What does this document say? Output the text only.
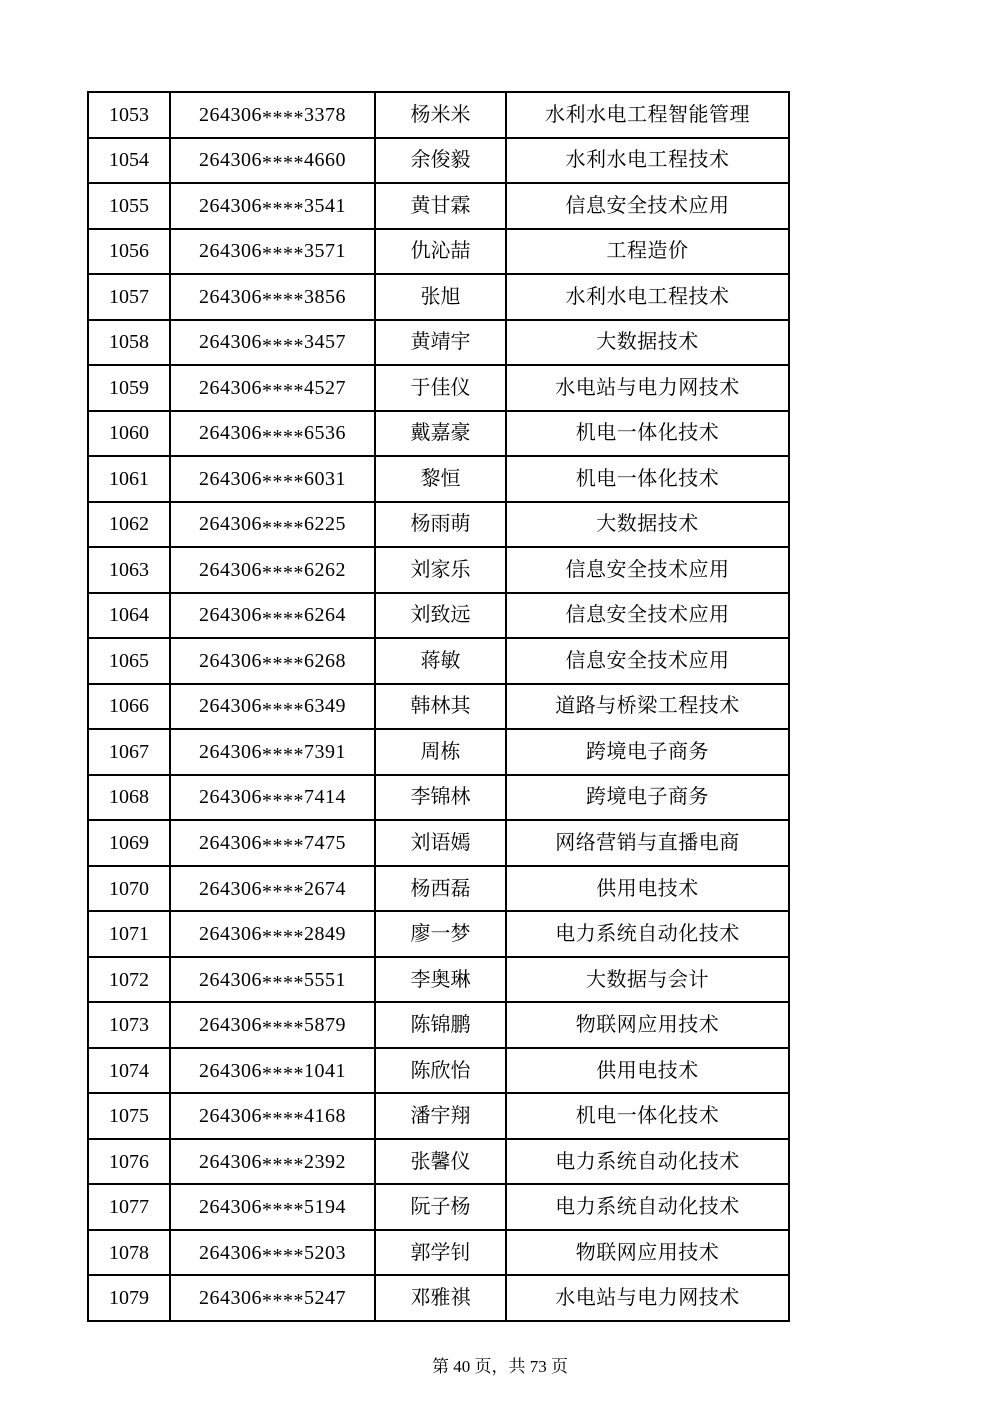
1053	264306****3378	杨米米	水利水电工程智能管理
1054	264306****4660	余俊毅	水利水电工程技术
1055	264306****3541	黄甘霖	信息安全技术应用
1056	264306****3571	仇沁喆	工程造价
1057	264306****3856	张旭	水利水电工程技术
1058	264306****3457	黄靖宇	大数据技术
1059	264306****4527	于佳仪	水电站与电力网技术
1060	264306****6536	戴嘉豪	机电一体化技术
1061	264306****6031	黎恒	机电一体化技术
1062	264306****6225	杨雨萌	大数据技术
1063	264306****6262	刘家乐	信息安全技术应用
1064	264306****6264	刘致远	信息安全技术应用
1065	264306****6268	蒋敏	信息安全技术应用
1066	264306****6349	韩林其	道路与桥梁工程技术
1067	264306****7391	周栋	跨境电子商务
1068	264306****7414	李锦林	跨境电子商务
1069	264306****7475	刘语嫣	网络营销与直播电商
1070	264306****2674	杨西磊	供用电技术
1071	264306****2849	廖一梦	电力系统自动化技术
1072	264306****5551	李奥琳	大数据与会计
1073	264306****5879	陈锦鹏	物联网应用技术
1074	264306****1041	陈欣怡	供用电技术
1075	264306****4168	潘宇翔	机电一体化技术
1076	264306****2392	张馨仪	电力系统自动化技术
1077	264306****5194	阮子杨	电力系统自动化技术
1078	264306****5203	郭学钊	物联网应用技术
1079	264306****5247	邓雅祺	水电站与电力网技术
第 40 页，共 73 页
